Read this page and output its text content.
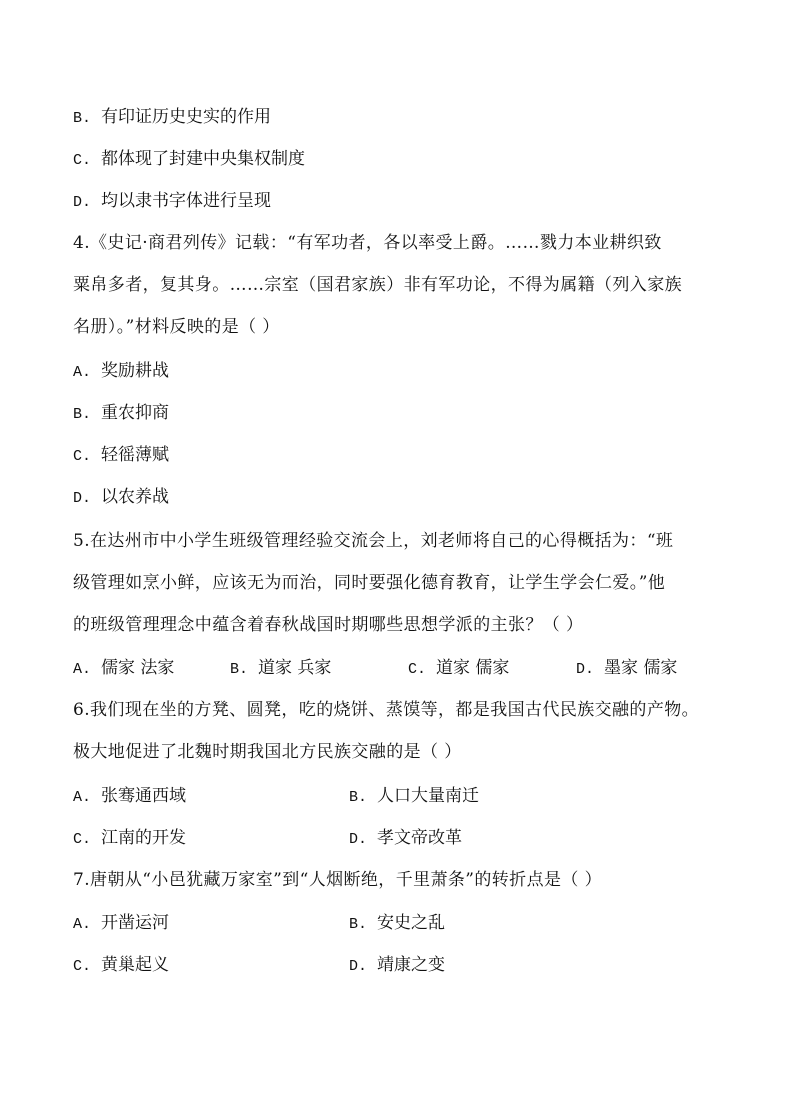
B. 有印证历史史实的作用
C. 都体现了封建中央集权制度
D. 均以隶书字体进行呈现
4.《史记·商君列传》记载：“有军功者，各以率受上爵。……戮力本业耕织致
粟帛多者，复其身。……宗室（国君家族）非有军功论，不得为属籍（列入家族
名册）。”材料反映的是（ ）
A. 奖励耕战
B. 重农抑商
C. 轻徭薄赋
D. 以农养战
5.在达州市中小学生班级管理经验交流会上，刘老师将自己的心得概括为：“班
级管理如烹小鲜，应该无为而治，同时要强化德育教育，让学生学会仁爱。”他
的班级管理理念中蕴含着春秋战国时期哪些思想学派的主张？（ ）
A. 儒家 法家	B. 道家 兵家	C. 道家 儒家	D. 墨家 儒家
6.我们现在坐的方凳、圆凳，吃的烧饼、蒸馍等，都是我国古代民族交融的产物。
极大地促进了北魏时期我国北方民族交融的是（ ）
A. 张骞通西域	B. 人口大量南迁
C. 江南的开发	D. 孝文帝改革
7.唐朝从“小邑犹藏万家室”到“人烟断绝，千里萧条”的转折点是（ ）
A. 开凿运河	B. 安史之乱
C. 黄巢起义	D. 靖康之变
